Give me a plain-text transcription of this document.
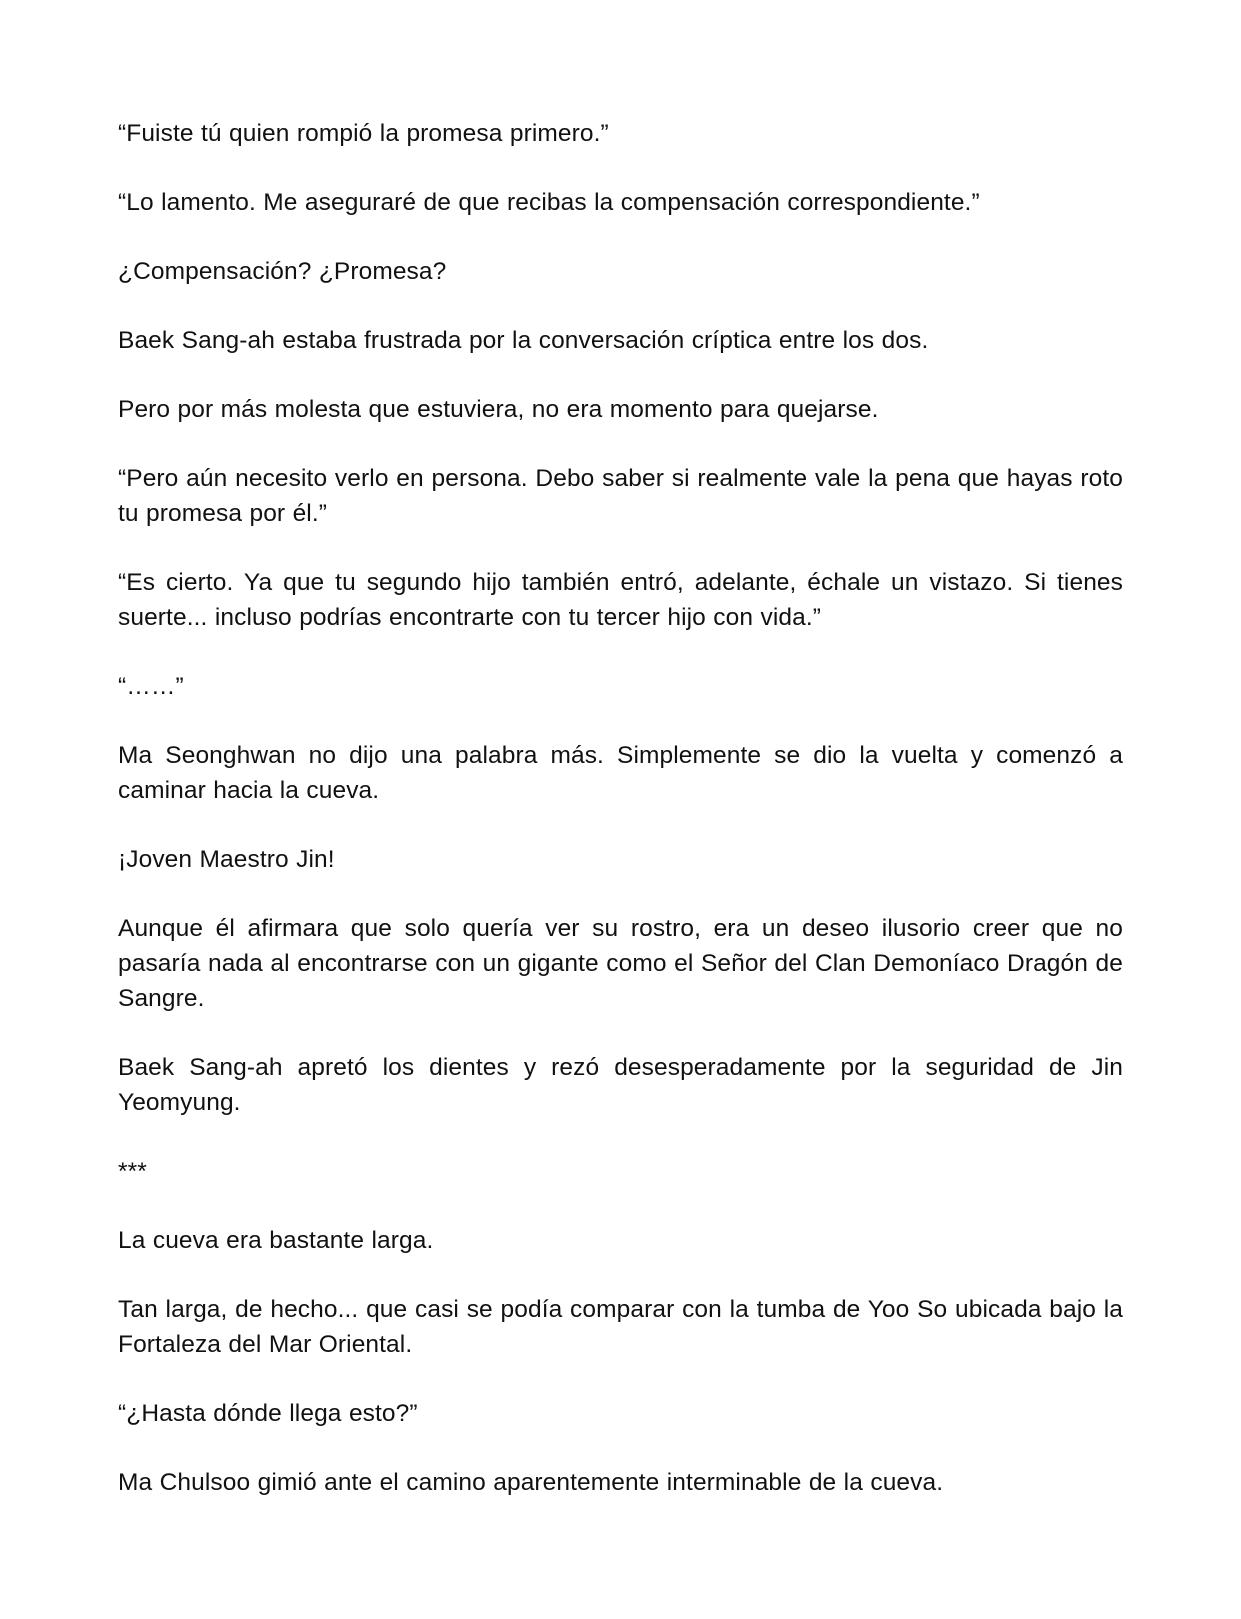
“Fuiste tú quien rompió la promesa primero.”

“Lo lamento. Me aseguraré de que recibas la compensación correspondiente.”

¿Compensación? ¿Promesa?

Baek Sang-ah estaba frustrada por la conversación críptica entre los dos.

Pero por más molesta que estuviera, no era momento para quejarse.

“Pero aún necesito verlo en persona. Debo saber si realmente vale la pena que hayas roto tu promesa por él.”

“Es cierto. Ya que tu segundo hijo también entró, adelante, échale un vistazo. Si tienes suerte... incluso podrías encontrarte con tu tercer hijo con vida.”

“……”

Ma Seonghwan no dijo una palabra más. Simplemente se dio la vuelta y comenzó a caminar hacia la cueva.

¡Joven Maestro Jin!

Aunque él afirmara que solo quería ver su rostro, era un deseo ilusorio creer que no pasaría nada al encontrarse con un gigante como el Señor del Clan Demoníaco Dragón de Sangre.

Baek Sang-ah apretó los dientes y rezó desesperadamente por la seguridad de Jin Yeomyung.

***

La cueva era bastante larga.

Tan larga, de hecho... que casi se podía comparar con la tumba de Yoo So ubicada bajo la Fortaleza del Mar Oriental.

“¿Hasta dónde llega esto?”

Ma Chulsoo gimió ante el camino aparentemente interminable de la cueva.
